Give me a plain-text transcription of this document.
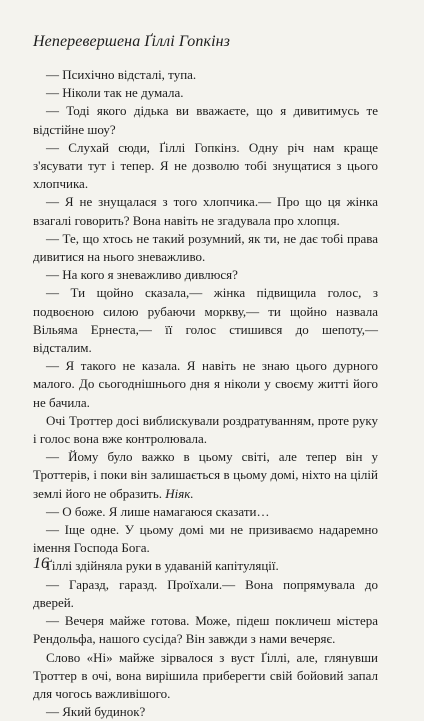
Неперевершена Ґіллі Гопкінз

— Психічно відсталі, тупа.

— Ніколи так не думала.

— Тоді якого дідька ви вважаєте, що я дивитимусь те відстійне шоу?

— Слухай сюди, Ґіллі Гопкінз. Одну річ нам краще з'ясувати тут і тепер. Я не дозволю тобі знущатися з цього хлопчика.

— Я не знущалася з того хлопчика.— Про що ця жінка взагалі говорить? Вона навіть не згадувала про хлопця.

— Те, що хтось не такий розумний, як ти, не дає тобі права дивитися на нього зневажливо.

— На кого я зневажливо дивлюся?

— Ти щойно сказала,— жінка підвищила голос, з подвоєною силою рубаючи моркву,— ти щойно назвала Вільяма Ернеста,— її голос стишився до шепоту,— відсталим.

— Я такого не казала. Я навіть не знаю цього дурного малого. До сьогоднішнього дня я ніколи у своєму житті його не бачила.

Очі Троттер досі виблискували роздратуванням, проте руку і голос вона вже контролювала.

— Йому було важко в цьому світі, але тепер він у Троттерів, і поки він залишається в цьому домі, ніхто на цілій землі його не образить. Ніяк.

— О боже. Я лише намагаюся сказати…

— Іще одне. У цьому домі ми не призиваємо надаремно імення Господа Бога.

Ґіллі здійняла руки в удаваній капітуляції.

— Гаразд, гаразд. Проїхали.— Вона попрямувала до дверей.

— Вечеря майже готова. Може, підеш покличеш містера Рендольфа, нашого сусіда? Він завжди з нами вечеряє.

Слово «Ні» майже зірвалося з вуст Ґіллі, але, глянувши Троттер в очі, вона вирішила приберегти свій бойовий запал для чогось важливішого.

— Який будинок?

16
